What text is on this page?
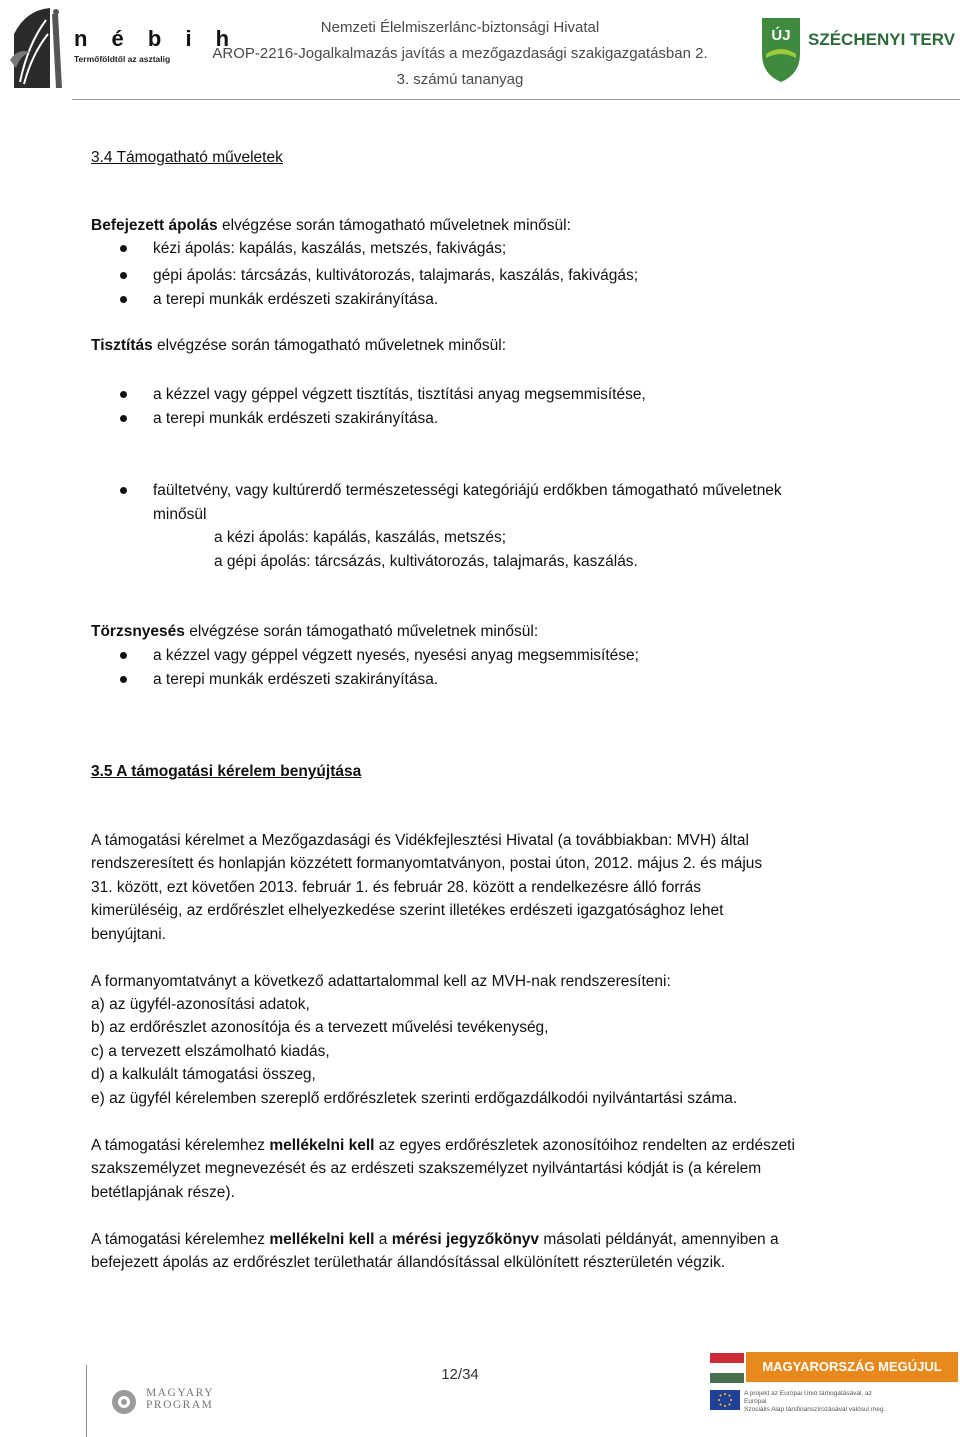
n é b i h
Termőföldtől az asztalig
Nemzeti Élelmiszerlánc-biztonsági Hivatal
AROP-2216-Jogalkalmazás javítás a mezőgazdasági szakigazgatásban 2.
3. számú tananyag
ÚJ SZÉCHENYI TERV
3.4 Támogatható műveletek
Befejezett ápolás elvégzése során támogatható műveletnek minősül:
kézi ápolás: kapálás, kaszálás, metszés, fakivágás;
gépi ápolás: tárcsázás, kultivátorozás, talajmarás, kaszálás, fakivágás;
a terepi munkák erdészeti szakirányítása.
Tisztítás elvégzése során támogatható műveletnek minősül:
a kézzel vagy géppel végzett tisztítás, tisztítási anyag megsemmisítése,
a terepi munkák erdészeti szakirányítása.
faültetvény, vagy kultúrerdő természetességi kategóriájú erdőkben támogatható műveletnek
minősül
a kézi ápolás: kapálás, kaszálás, metszés;
a gépi ápolás: tárcsázás, kultivátorozás, talajmarás, kaszálás.
Törzsnyesés elvégzése során támogatható műveletnek minősül:
a kézzel vagy géppel végzett nyesés, nyesési anyag megsemmisítése;
a terepi munkák erdészeti szakirányítása.
3.5 A támogatási kérelem benyújtása
A támogatási kérelmet a Mezőgazdasági és Vidékfejlesztési Hivatal (a továbbiakban: MVH) által
rendszeresített és honlapján közzétett formanyomtatványon, postai úton, 2012. május 2. és május
31. között, ezt követően 2013. február 1. és február 28. között a rendelkezésre álló forrás
kimerüléséig, az erdőrészlet elhelyezkedése szerint illetékes erdészeti igazgatósághoz lehet
benyújtani.
A formanyomtatványt a következő adattartalommal kell az MVH-nak rendszeresíteni:
a) az ügyfél-azonosítási adatok,
b) az erdőrészlet azonosítója és a tervezett művelési tevékenység,
c) a tervezett elszámolható kiadás,
d) a kalkulált támogatási összeg,
e) az ügyfél kérelemben szereplő erdőrészletek szerinti erdőgazdálkodói nyilvántartási száma.
A támogatási kérelemhez mellékelni kell az egyes erdőrészletek azonosítóihoz rendelten az erdészeti
szakszemélyzet megnevezését és az erdészeti szakszemélyzet nyilvántartási kódját is (a kérelem
betétlapjának része).
A támogatási kérelemhez mellékelni kell a mérési jegyzőkönyv másolati példányát, amennyiben a
befejezett ápolás az erdőrészlet területhatár állandósítással elkülönített részterületén végzik.
12/34
MAGYARY
PROGRAM
MAGYARORSZÁG MEGÚJUL
A projekt az Európai Unió támogatásával, az Európai
Szociális Alap társfinanszírozásával valósul meg.
